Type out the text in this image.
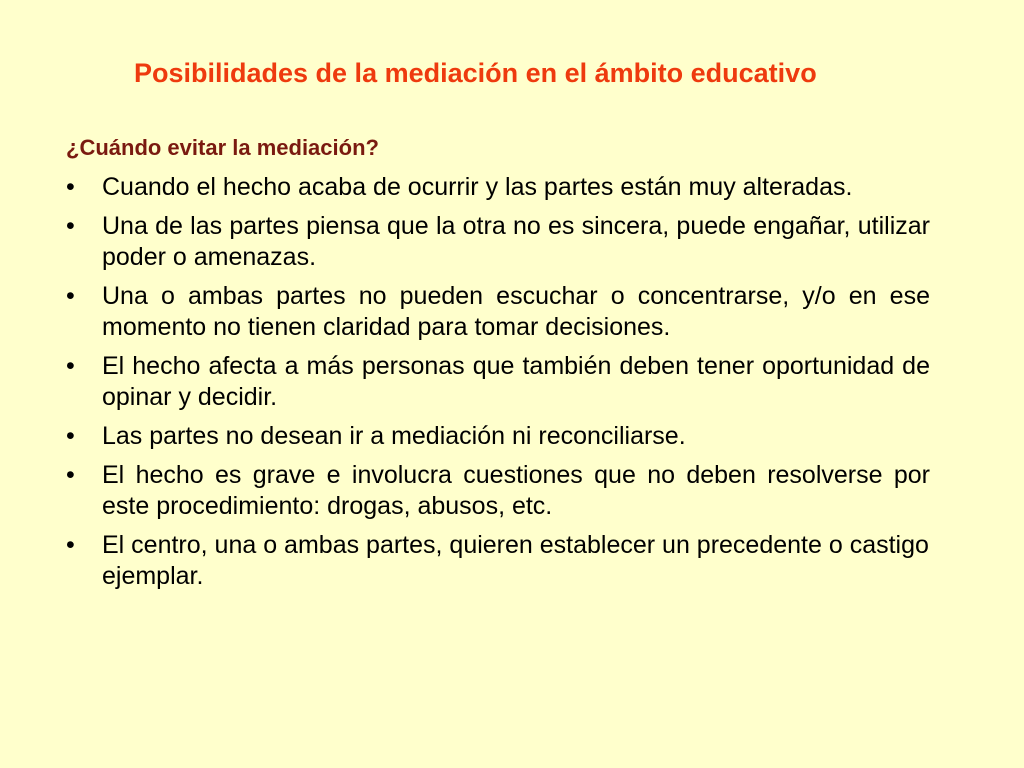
Posibilidades de la mediación en el ámbito educativo
¿Cuándo evitar la mediación?
•	Cuando el hecho acaba de ocurrir y las partes están muy alteradas.
•	Una de las partes piensa que la otra no es sincera, puede engañar, utilizar poder o amenazas.
•	Una o ambas partes no pueden escuchar o concentrarse, y/o en ese momento no tienen claridad para tomar decisiones.
•	El hecho afecta a más personas que también deben tener oportunidad de opinar y decidir.
•	Las partes no desean ir a mediación ni reconciliarse.
•	El hecho es grave e involucra cuestiones que no deben resolverse por este procedimiento: drogas, abusos, etc.
•	El centro, una o ambas partes, quieren establecer un precedente o castigo ejemplar.
